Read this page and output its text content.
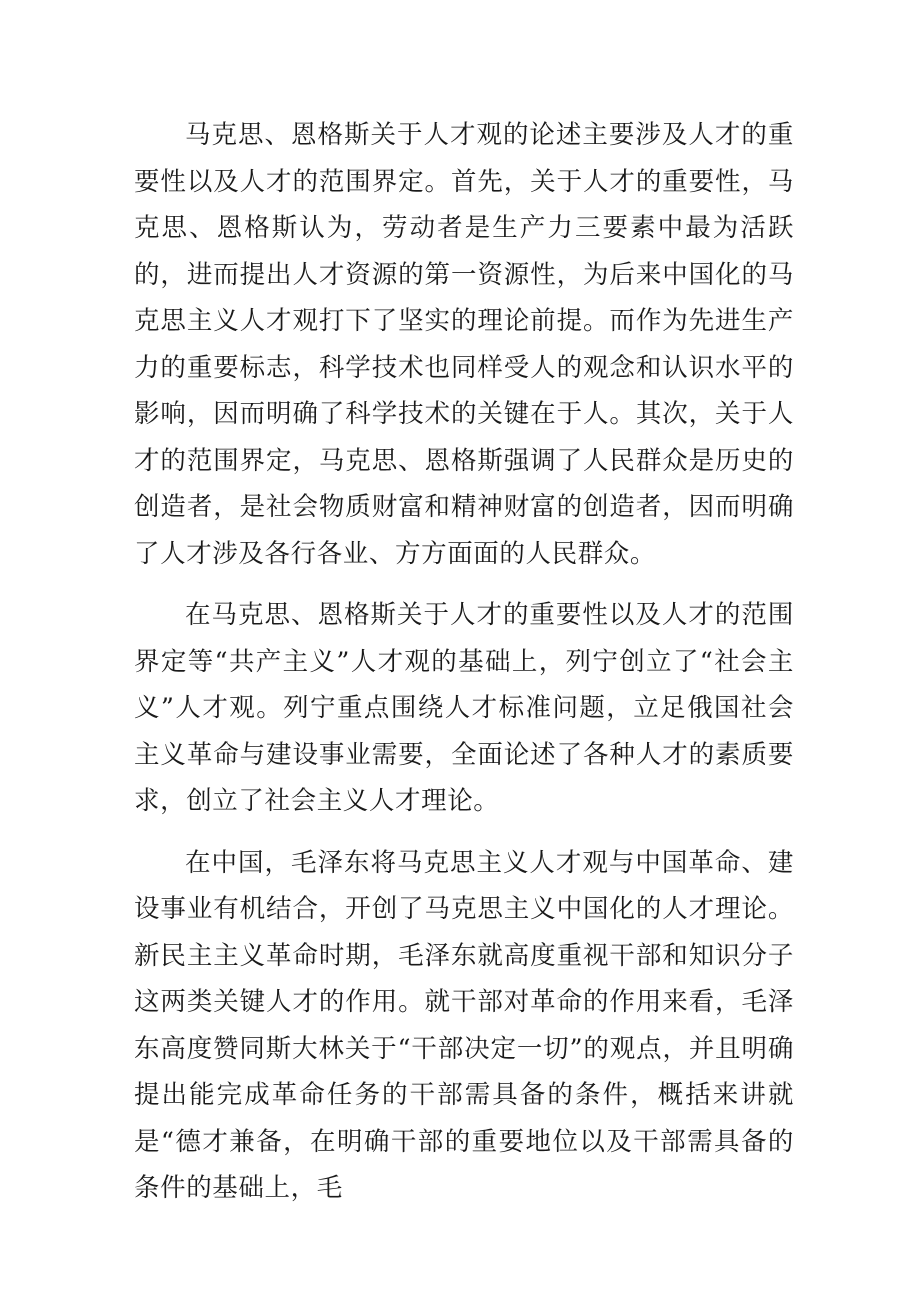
马克思、恩格斯关于人才观的论述主要涉及人才的重要性以及人才的范围界定。首先，关于人才的重要性，马克思、恩格斯认为，劳动者是生产力三要素中最为活跃的，进而提出人才资源的第一资源性，为后来中国化的马克思主义人才观打下了坚实的理论前提。而作为先进生产力的重要标志，科学技术也同样受人的观念和认识水平的影响，因而明确了科学技术的关键在于人。其次，关于人才的范围界定，马克思、恩格斯强调了人民群众是历史的创造者，是社会物质财富和精神财富的创造者，因而明确了人才涉及各行各业、方方面面的人民群众。

在马克思、恩格斯关于人才的重要性以及人才的范围界定等“共产主义”人才观的基础上，列宁创立了“社会主义”人才观。列宁重点围绕人才标准问题，立足俄国社会主义革命与建设事业需要，全面论述了各种人才的素质要求，创立了社会主义人才理论。

在中国，毛泽东将马克思主义人才观与中国革命、建设事业有机结合，开创了马克思主义中国化的人才理论。新民主主义革命时期，毛泽东就高度重视干部和知识分子这两类关键人才的作用。就干部对革命的作用来看，毛泽东高度赞同斯大林关于“干部决定一切”的观点，并且明确提出能完成革命任务的干部需具备的条件，概括来讲就是“德才兼备，在明确干部的重要地位以及干部需具备的条件的基础上，毛
